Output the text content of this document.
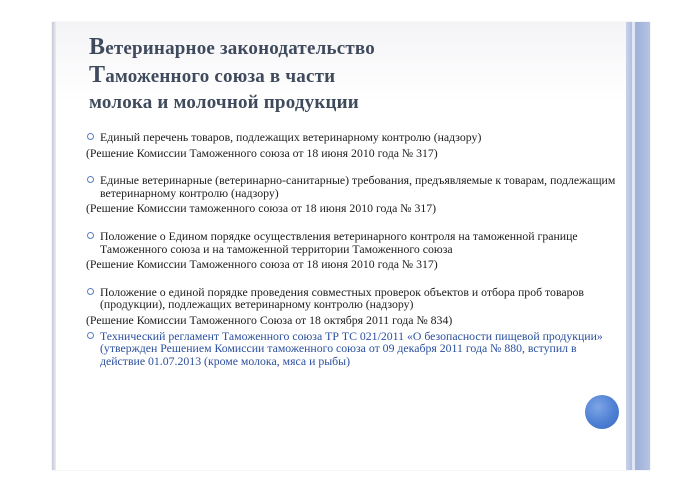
Ветеринарное законодательство
Таможенного союза в части
молока и молочной продукции
Единый перечень товаров, подлежащих ветеринарному контролю (надзору)
(Решение Комиссии Таможенного союза от 18 июня 2010 года № 317)
Единые ветеринарные (ветеринарно-санитарные) требования, предъявляемые к товарам, подлежащим ветеринарному контролю (надзору)
(Решение Комиссии таможенного союза от 18 июня 2010 года № 317)
Положение о Едином порядке осуществления ветеринарного контроля на таможенной границе Таможенного союза и на таможенной территории Таможенного союза
(Решение Комиссии Таможенного союза от 18 июня 2010 года № 317)
Положение о единой порядке проведения совместных проверок объектов и отбора проб товаров (продукции), подлежащих ветеринарному контролю (надзору)
(Решение Комиссии Таможенного Союза от 18 октября 2011 года № 834)
Технический регламент Таможенного союза ТР ТС 021/2011 «О безопасности пищевой продукции» (утвержден Решением Комиссии таможенного союза от 09 декабря 2011 года № 880, вступил в действие 01.07.2013 (кроме молока, мяса и рыбы)
